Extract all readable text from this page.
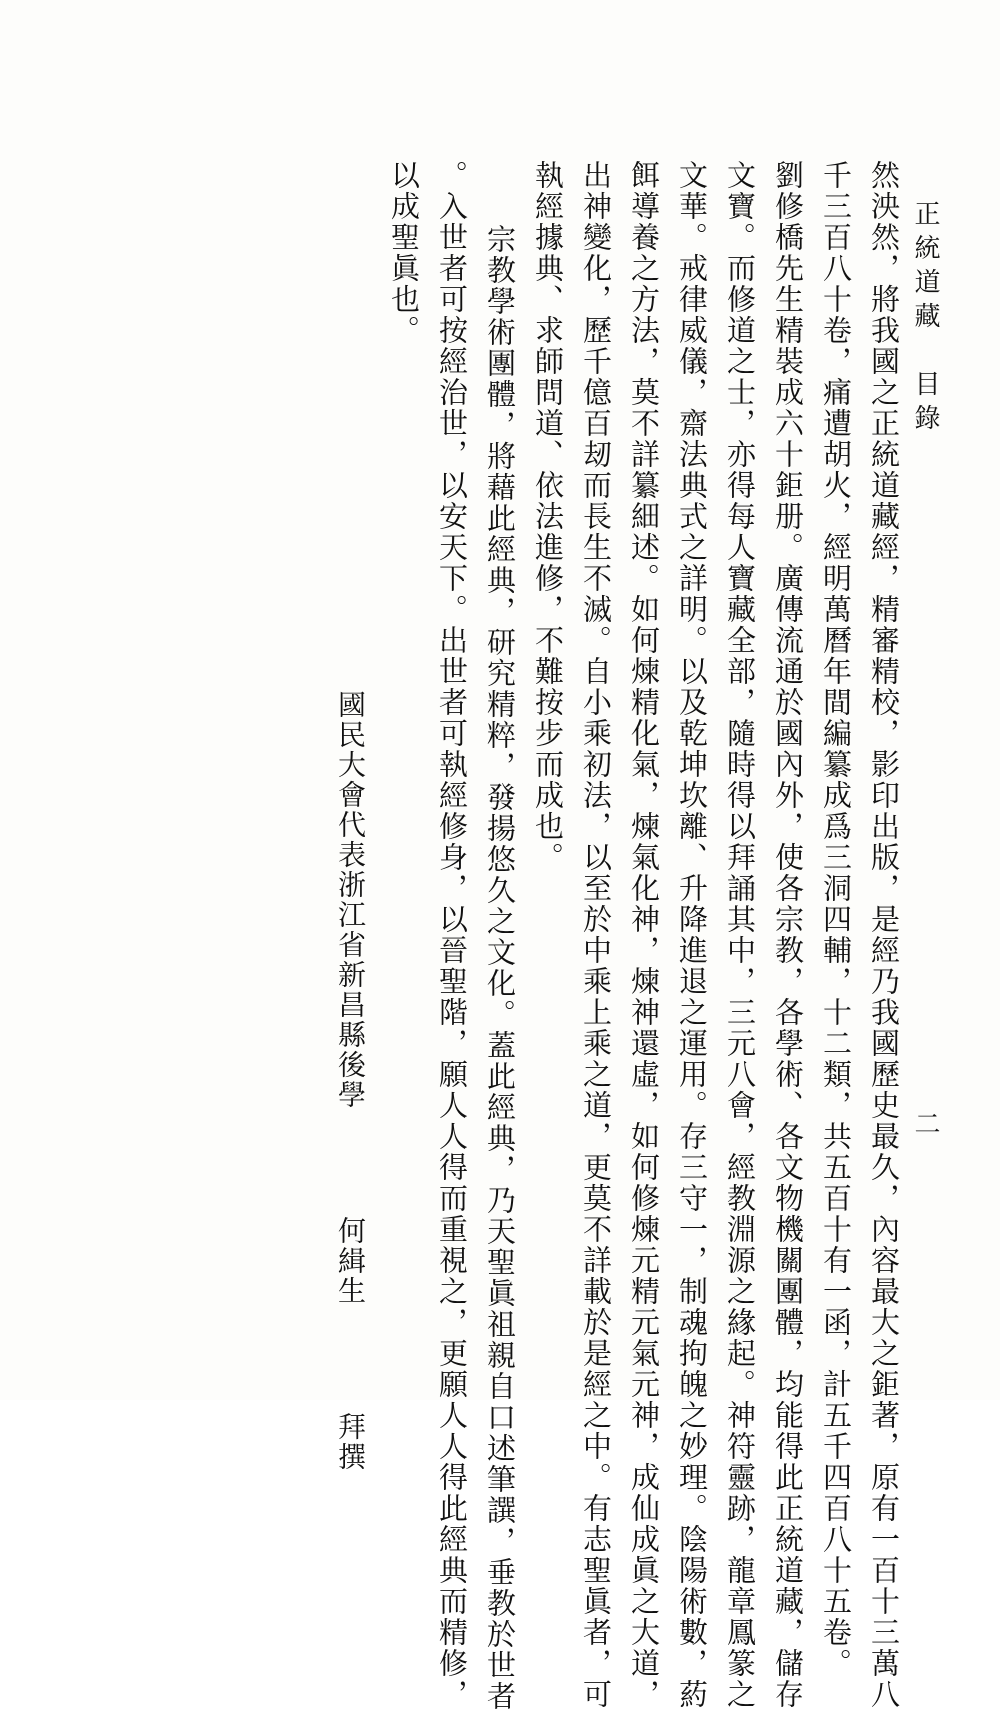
正統道藏　目錄
二
然泱然，將我國之正統道藏經，精審精校，影印出版，是經乃我國歷史最久，內容最大之鉅著，原有一百十三萬八
千三百八十卷，痛遭胡火，經明萬曆年間編纂成爲三洞四輔，十二類，共五百十有一函，計五千四百八十五卷。
劉修橋先生精裝成六十鉅册。廣傳流通於國內外，使各宗教，各學術、各文物機關團體，均能得此正統道藏，儲存
文寶。而修道之士，亦得每人寶藏全部，隨時得以拜誦其中，三元八會，經教淵源之緣起。神符靈跡，龍章鳳篆之
文華。戒律威儀，齋法典式之詳明。以及乾坤坎離、升降進退之運用。存三守一，制魂拘魄之妙理。陰陽術數，葯
餌導養之方法，莫不詳纂細述。如何煉精化氣，煉氣化神，煉神還虛，如何修煉元精元氣元神，成仙成眞之大道，
出神變化，歷千億百刼而長生不滅。自小乘初法，以至於中乘上乘之道，更莫不詳載於是經之中。有志聖眞者，可
執經據典、求師問道、依法進修，不難按步而成也。
宗教學術團體，將藉此經典，研究精粹，發揚悠久之文化。蓋此經典，乃天聖眞祖親自口述筆譔，垂教於世者
。入世者可按經治世，以安天下。出世者可執經修身，以晉聖階，願人人得而重視之，更願人人得此經典而精修，
以成聖眞也。
國民大會代表浙江省新昌縣後學  何緝生  拜撰
